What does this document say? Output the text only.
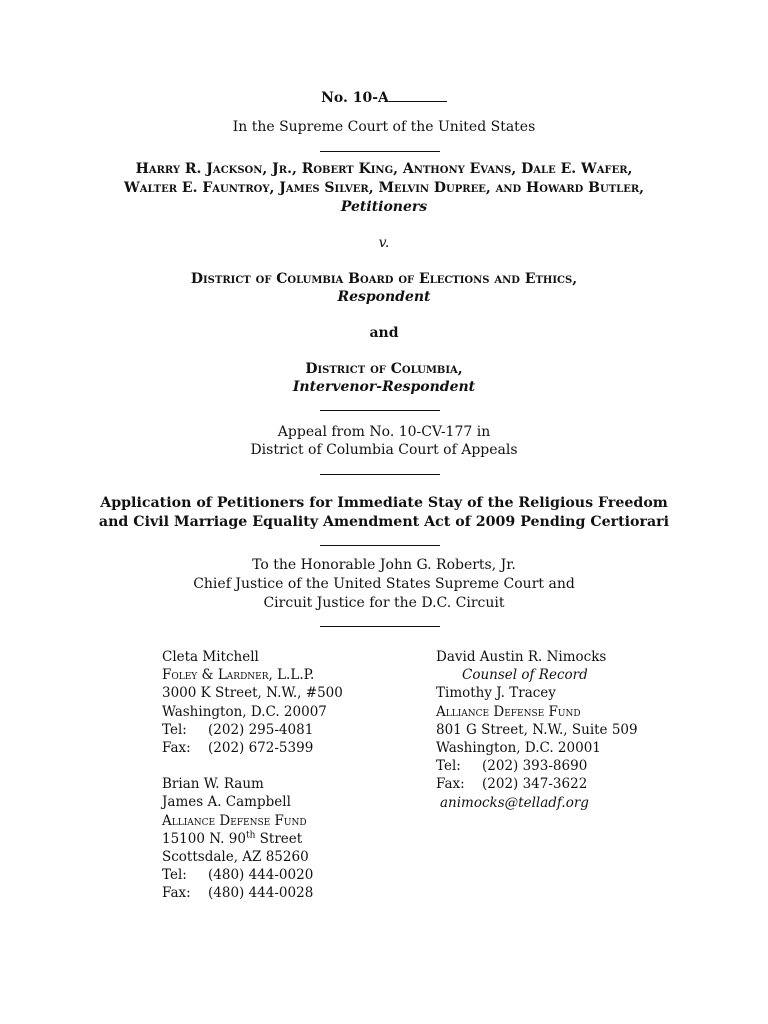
No. 10-A
In the Supreme Court of the United States
Harry R. Jackson, Jr., Robert King, Anthony Evans, Dale E. Wafer,
Walter E. Fauntroy, James Silver, Melvin Dupree, and Howard Butler,
Petitioners
v.
District of Columbia Board of Elections and Ethics,
Respondent
and
District of Columbia,
Intervenor-Respondent
Appeal from No. 10-CV-177 in
District of Columbia Court of Appeals
Application of Petitioners for Immediate Stay of the Religious Freedom
and Civil Marriage Equality Amendment Act of 2009 Pending Certiorari
To the Honorable John G. Roberts, Jr.
Chief Justice of the United States Supreme Court and
Circuit Justice for the D.C. Circuit
Cleta Mitchell
Foley & Lardner, L.L.P.
3000 K Street, N.W., #500
Washington, D.C. 20007
Tel: (202) 295-4081
Fax: (202) 672-5399
Brian W. Raum
James A. Campbell
Alliance Defense Fund
15100 N. 90th Street
Scottsdale, AZ 85260
Tel: (480) 444-0020
Fax: (480) 444-0028
David Austin R. Nimocks
Counsel of Record
Timothy J. Tracey
Alliance Defense Fund
801 G Street, N.W., Suite 509
Washington, D.C. 20001
Tel: (202) 393-8690
Fax: (202) 347-3622
animocks@telladf.org
